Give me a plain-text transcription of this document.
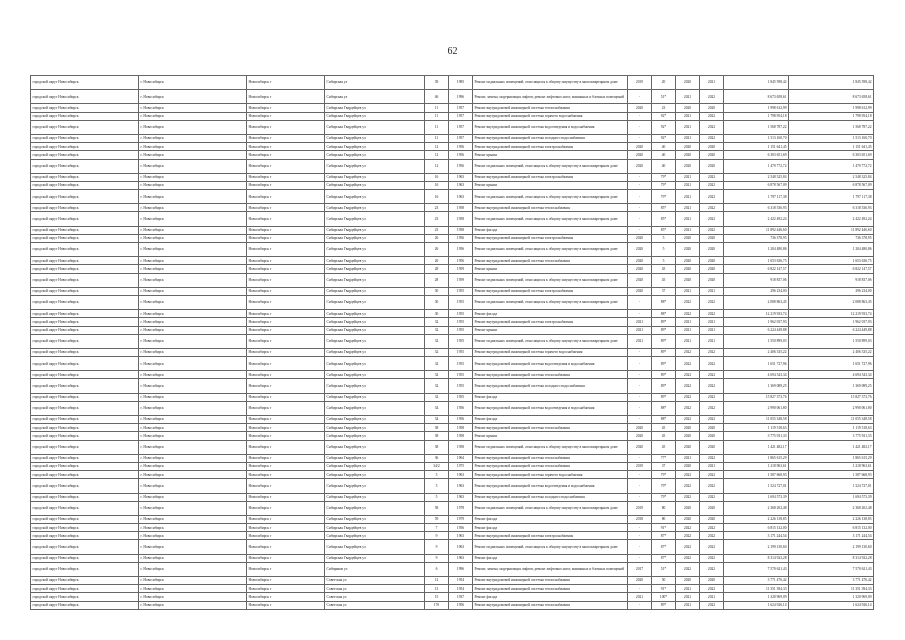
62
городской округ Новосибирск	г. Новосибирск	Новосибирск г	Сибирская ул	39	1985	Ремонт подвальных помещений, относящихся к общему имуществу в многоквартирном доме	2019	20	2020	2021	1 845 598,42	1 845 598,42
городской округ Новосибирск	г. Новосибирск	Новосибирск г	Сибирская ул	46	1996	Ремонт, замена, модернизация лифтов, ремонт лифтовых шахт, машинных и блочных помещений	-	51*	2021	2022	8 673 658,61	8 673 658,61
городской округ Новосибирск	г. Новосибирск	Новосибирск г	Сибирская Гвардейцев ул	11	1957	Ремонт внутридомовой инженерной системы теплоснабжения	2020	23	2020	2020	1 998 612,99	1 998 612,99
городской округ Новосибирск	г. Новосибирск	Новосибирск г	Сибирская Гвардейцев ул	11	1957	Ремонт внутридомовой инженерной системы горячего водоснабжения	-	92*	2021	2022	1 798 954,18	1 798 954,18
городской округ Новосибирск	г. Новосибирск	Новосибирск г	Сибирская Гвардейцев ул	11	1957	Ремонт внутридомовой инженерной системы водоотведения и водоснабжения	-	92*	2021	2022	1 568 787,22	1 568 787,22
городской округ Новосибирск	г. Новосибирск	Новосибирск г	Сибирская Гвардейцев ул	11	1957	Ремонт внутридомовой инженерной системы холодного водоснабжения	-	92*	2021	2022	1 513 160,70	1 513 160,70
городской округ Новосибирск	г. Новосибирск	Новосибирск г	Сибирская Гвардейцев ул	12	1956	Ремонт внутридомовой инженерной системы электроснабжения	2020	40	2020	2020	1 151 641,45	1 151 641,45
городской округ Новосибирск	г. Новосибирск	Новосибирск г	Сибирская Гвардейцев ул	12	1956	Ремонт крыши	2020	40	2020	2020	6 303 651,69	6 303 651,69
городской округ Новосибирск	г. Новосибирск	Новосибирск г	Сибирская Гвардейцев ул	12	1956	Ремонт подвальных помещений, относящихся к общему имуществу в многоквартирном доме	2020	40	2020	2020	1 470 772,72	1 470 772,72
городской округ Новосибирск	г. Новосибирск	Новосибирск г	Сибирская Гвардейцев ул	16	1963	Ремонт внутридомовой инженерной системы электроснабжения	-	79*	2021	2022	2 548 325,84	2 548 325,84
городской округ Новосибирск	г. Новосибирск	Новосибирск г	Сибирская Гвардейцев ул	16	1963	Ремонт крыши	-	79*	2021	2022	6 878 567,09	6 878 567,09
городской округ Новосибирск	г. Новосибирск	Новосибирск г	Сибирская Гвардейцев ул	16	1963	Ремонт подвальных помещений, относящихся к общему имуществу в многоквартирном доме	-	79*	2021	2022	1 797 117,38	1 797 117,38
городской округ Новосибирск	г. Новосибирск	Новосибирск г	Сибирская Гвардейцев ул	23	1958	Ремонт внутридомовой инженерной системы теплоснабжения	-	85*	2021	2022	6 318 536,93	6 318 536,93
городской округ Новосибирск	г. Новосибирск	Новосибирск г	Сибирская Гвардейцев ул	23	1958	Ремонт подвальных помещений, относящихся к общему имуществу в многоквартирном доме	-	85*	2021	2022	2 422 492,24	2 422 492,24
городской округ Новосибирск	г. Новосибирск	Новосибирск г	Сибирская Гвардейцев ул	23	1958	Ремонт фасада	-	85*	2021	2022	11 892 446,60	11 892 446,60
городской округ Новосибирск	г. Новосибирск	Новосибирск г	Сибирская Гвардейцев ул	26	1956	Ремонт внутридомовой инженерной системы электроснабжения	2020	5	2020	2020	736 378,95	736 378,95
городской округ Новосибирск	г. Новосибирск	Новосибирск г	Сибирская Гвардейцев ул	26	1956	Ремонт подвальных помещений, относящихся к общему имуществу в многоквартирном доме	2020	5	2020	2020	1 204 480,86	1 204 480,86
городской округ Новосибирск	г. Новосибирск	Новосибирск г	Сибирская Гвардейцев ул	26	1956	Ремонт внутридомовой инженерной системы теплоснабжения	2020	5	2020	2020	1 653 636,75	1 653 636,75
городской округ Новосибирск	г. Новосибирск	Новосибирск г	Сибирская Гвардейцев ул	28	1959	Ремонт крыши	2020	45	2020	2020	6 822 147,57	6 822 147,57
городской округ Новосибирск	г. Новосибирск	Новосибирск г	Сибирская Гвардейцев ул	28	1959	Ремонт подвальных помещений, относящихся к общему имуществу в многоквартирном доме	2020	45	2020	2020	918 837,06	918 837,06
городской округ Новосибирск	г. Новосибирск	Новосибирск г	Сибирская Гвардейцев ул	30	1955	Ремонт внутридомовой инженерной системы электроснабжения	2020	37	2021	2021	296 234,00	296 234,00
городской округ Новосибирск	г. Новосибирск	Новосибирск г	Сибирская Гвардейцев ул	30	1955	Ремонт подвальных помещений, относящихся к общему имуществу в многоквартирном доме	-	88*	2022	2022	2 088 863,45	2 088 863,45
городской округ Новосибирск	г. Новосибирск	Новосибирск г	Сибирская Гвардейцев ул	30	1955	Ремонт фасада	-	88*	2022	2022	12 219 933,74	12 219 933,74
городской округ Новосибирск	г. Новосибирск	Новосибирск г	Сибирская Гвардейцев ул	32	1955	Ремонт внутридомовой инженерной системы электроснабжения	2021	89*	2021	2021	1 962 037,93	1 962 037,93
городской округ Новосибирск	г. Новосибирск	Новосибирск г	Сибирская Гвардейцев ул	32	1955	Ремонт крыши	2021	89*	2021	2021	6 224 449,88	6 224 449,88
городской округ Новосибирск	г. Новосибирск	Новосибирск г	Сибирская Гвардейцев ул	32	1955	Ремонт подвальных помещений, относящихся к общему имуществу в многоквартирном доме	2021	89*	2021	2021	1 550 899,03	1 550 899,03
городской округ Новосибирск	г. Новосибирск	Новосибирск г	Сибирская Гвардейцев ул	32	1955	Ремонт внутридомовой инженерной системы горячего водоснабжения	-	89*	2022	2022	2 406 335,22	2 406 335,22
городской округ Новосибирск	г. Новосибирск	Новосибирск г	Сибирская Гвардейцев ул	32	1955	Ремонт внутридомовой инженерной системы водоотведения и водоснабжения	-	89*	2022	2022	1 651 727,96	1 651 727,96
городской округ Новосибирск	г. Новосибирск	Новосибирск г	Сибирская Гвардейцев ул	32	1955	Ремонт внутридомовой инженерной системы теплоснабжения	-	89*	2022	2022	4 694 543,34	4 694 543,34
городской округ Новосибирск	г. Новосибирск	Новосибирск г	Сибирская Гвардейцев ул	32	1955	Ремонт внутридомовой инженерной системы холодного водоснабжения	-	89*	2022	2022	1 369 089,25	1 369 089,25
городской округ Новосибирск	г. Новосибирск	Новосибирск г	Сибирская Гвардейцев ул	32	1955	Ремонт фасада	-	89*	2022	2022	15 827 373,76	15 827 373,76
городской округ Новосибирск	г. Новосибирск	Новосибирск г	Сибирская Гвардейцев ул	34	1956	Ремонт внутридомовой инженерной системы водоотведения и водоснабжения	-	88*	2022	2022	2 990 061,80	2 990 061,80
городской округ Новосибирск	г. Новосибирск	Новосибирск г	Сибирская Гвардейцев ул	34	1956	Ремонт фасада	-	88*	2022	2022	11 055 348,58	11 055 348,58
городской округ Новосибирск	г. Новосибирск	Новосибирск г	Сибирская Гвардейцев ул	38	1958	Ремонт внутридомовой инженерной системы теплоснабжения	2020	45	2020	2020	1 119 518,63	1 119 518,63
городской округ Новосибирск	г. Новосибирск	Новосибирск г	Сибирская Гвардейцев ул	38	1958	Ремонт крыши	2020	45	2020	2020	3 775 931,33	3 775 931,33
городской округ Новосибирск	г. Новосибирск	Новосибирск г	Сибирская Гвардейцев ул	38	1958	Ремонт подвальных помещений, относящихся к общему имуществу в многоквартирном доме	2020	45	2020	2020	1 421 482,17	1 421 482,17
городской округ Новосибирск	г. Новосибирск	Новосибирск г	Сибирская Гвардейцев ул	36	1964	Ремонт внутридомовой инженерной системы теплоснабжения	-	77*	2021	2022	1 865 615,29	1 865 615,29
городской округ Новосибирск	г. Новосибирск	Новосибирск г	Сибирская Гвардейцев ул	34/2	1975	Ремонт внутридомовой инженерной системы теплоснабжения	2019	37	2020	2021	1 218 963,61	1 218 963,61
городской округ Новосибирск	г. Новосибирск	Новосибирск г	Сибирская Гвардейцев ул	5	1963	Ремонт внутридомовой инженерной системы горячего водоснабжения	-	79*	2022	2022	1 587 668,93	1 587 668,93
городской округ Новосибирск	г. Новосибирск	Новосибирск г	Сибирская Гвардейцев ул	5	1963	Ремонт внутридомовой инженерной системы водоотведения и водоснабжения	-	79*	2022	2022	1 524 727,01	1 524 727,01
городской округ Новосибирск	г. Новосибирск	Новосибирск г	Сибирская Гвардейцев ул	5	1963	Ремонт внутридомовой инженерной системы холодного водоснабжения	-	79*	2022	2022	1 694 573,39	1 694 573,39
городской округ Новосибирск	г. Новосибирск	Новосибирск г	Сибирская Гвардейцев ул	58	1978	Ремонт подвальных помещений, относящихся к общему имуществу в многоквартирном доме	2019	80	2020	2020	2 368 202,48	2 368 202,48
городской округ Новосибирск	г. Новосибирск	Новосибирск г	Сибирская Гвардейцев ул	59	1979	Ремонт фасада	2018	80	2020	2020	2 226 138,85	2 226 138,85
городской округ Новосибирск	г. Новосибирск	Новосибирск г	Сибирская Гвардейцев ул	7	1956	Ремонт фасада	-	91*	2022	2022	6 815 132,00	6 815 132,00
городской округ Новосибирск	г. Новосибирск	Новосибирск г	Сибирская Гвардейцев ул	9	1963	Ремонт внутридомовой инженерной системы электроснабжения	-	87*	2022	2022	3 171 244,54	3 171 244,54
городской округ Новосибирск	г. Новосибирск	Новосибирск г	Сибирская Гвардейцев ул	9	1963	Ремонт подвальных помещений, относящихся к общему имуществу в многоквартирном доме	-	87*	2022	2022	2 199 130,60	2 199 130,60
городской округ Новосибирск	г. Новосибирск	Новосибирск г	Сибирская Гвардейцев ул	9	1963	Ремонт фасада	-	87*	2022	2022	8 314 922,28	8 314 922,28
городской округ Новосибирск	г. Новосибирск	Новосибирск г	Сибиряков ул	6	1996	Ремонт, замена, модернизация лифтов, ремонт лифтовых шахт, машинных и блочных помещений	2017	51*	2022	2022	7 570 621,43	7 570 621,43
городской округ Новосибирск	г. Новосибирск	Новосибирск г	Советская ул	12	1954	Ремонт внутридомовой инженерной системы теплоснабжения	2020	50	2020	2020	3 771 476,42	3 771 476,42
городской округ Новосибирск	г. Новосибирск	Новосибирск г	Советская ул	13	1954	Ремонт внутридомовой инженерной системы теплоснабжения	-	91*	2021	2022	11 351 394,33	11 351 394,33
городской округ Новосибирск	г. Новосибирск	Новосибирск г	Советская ул	15	1937	Ремонт фасада	2021	100*	2021	2021	1 320 969,09	1 320 969,09
городской округ Новосибирск	г. Новосибирск	Новосибирск г	Советская ул	17б	1956	Ремонт внутридомовой инженерной системы теплоснабжения	-	89*	2021	2022	1 624 926,14	1 624 926,14
